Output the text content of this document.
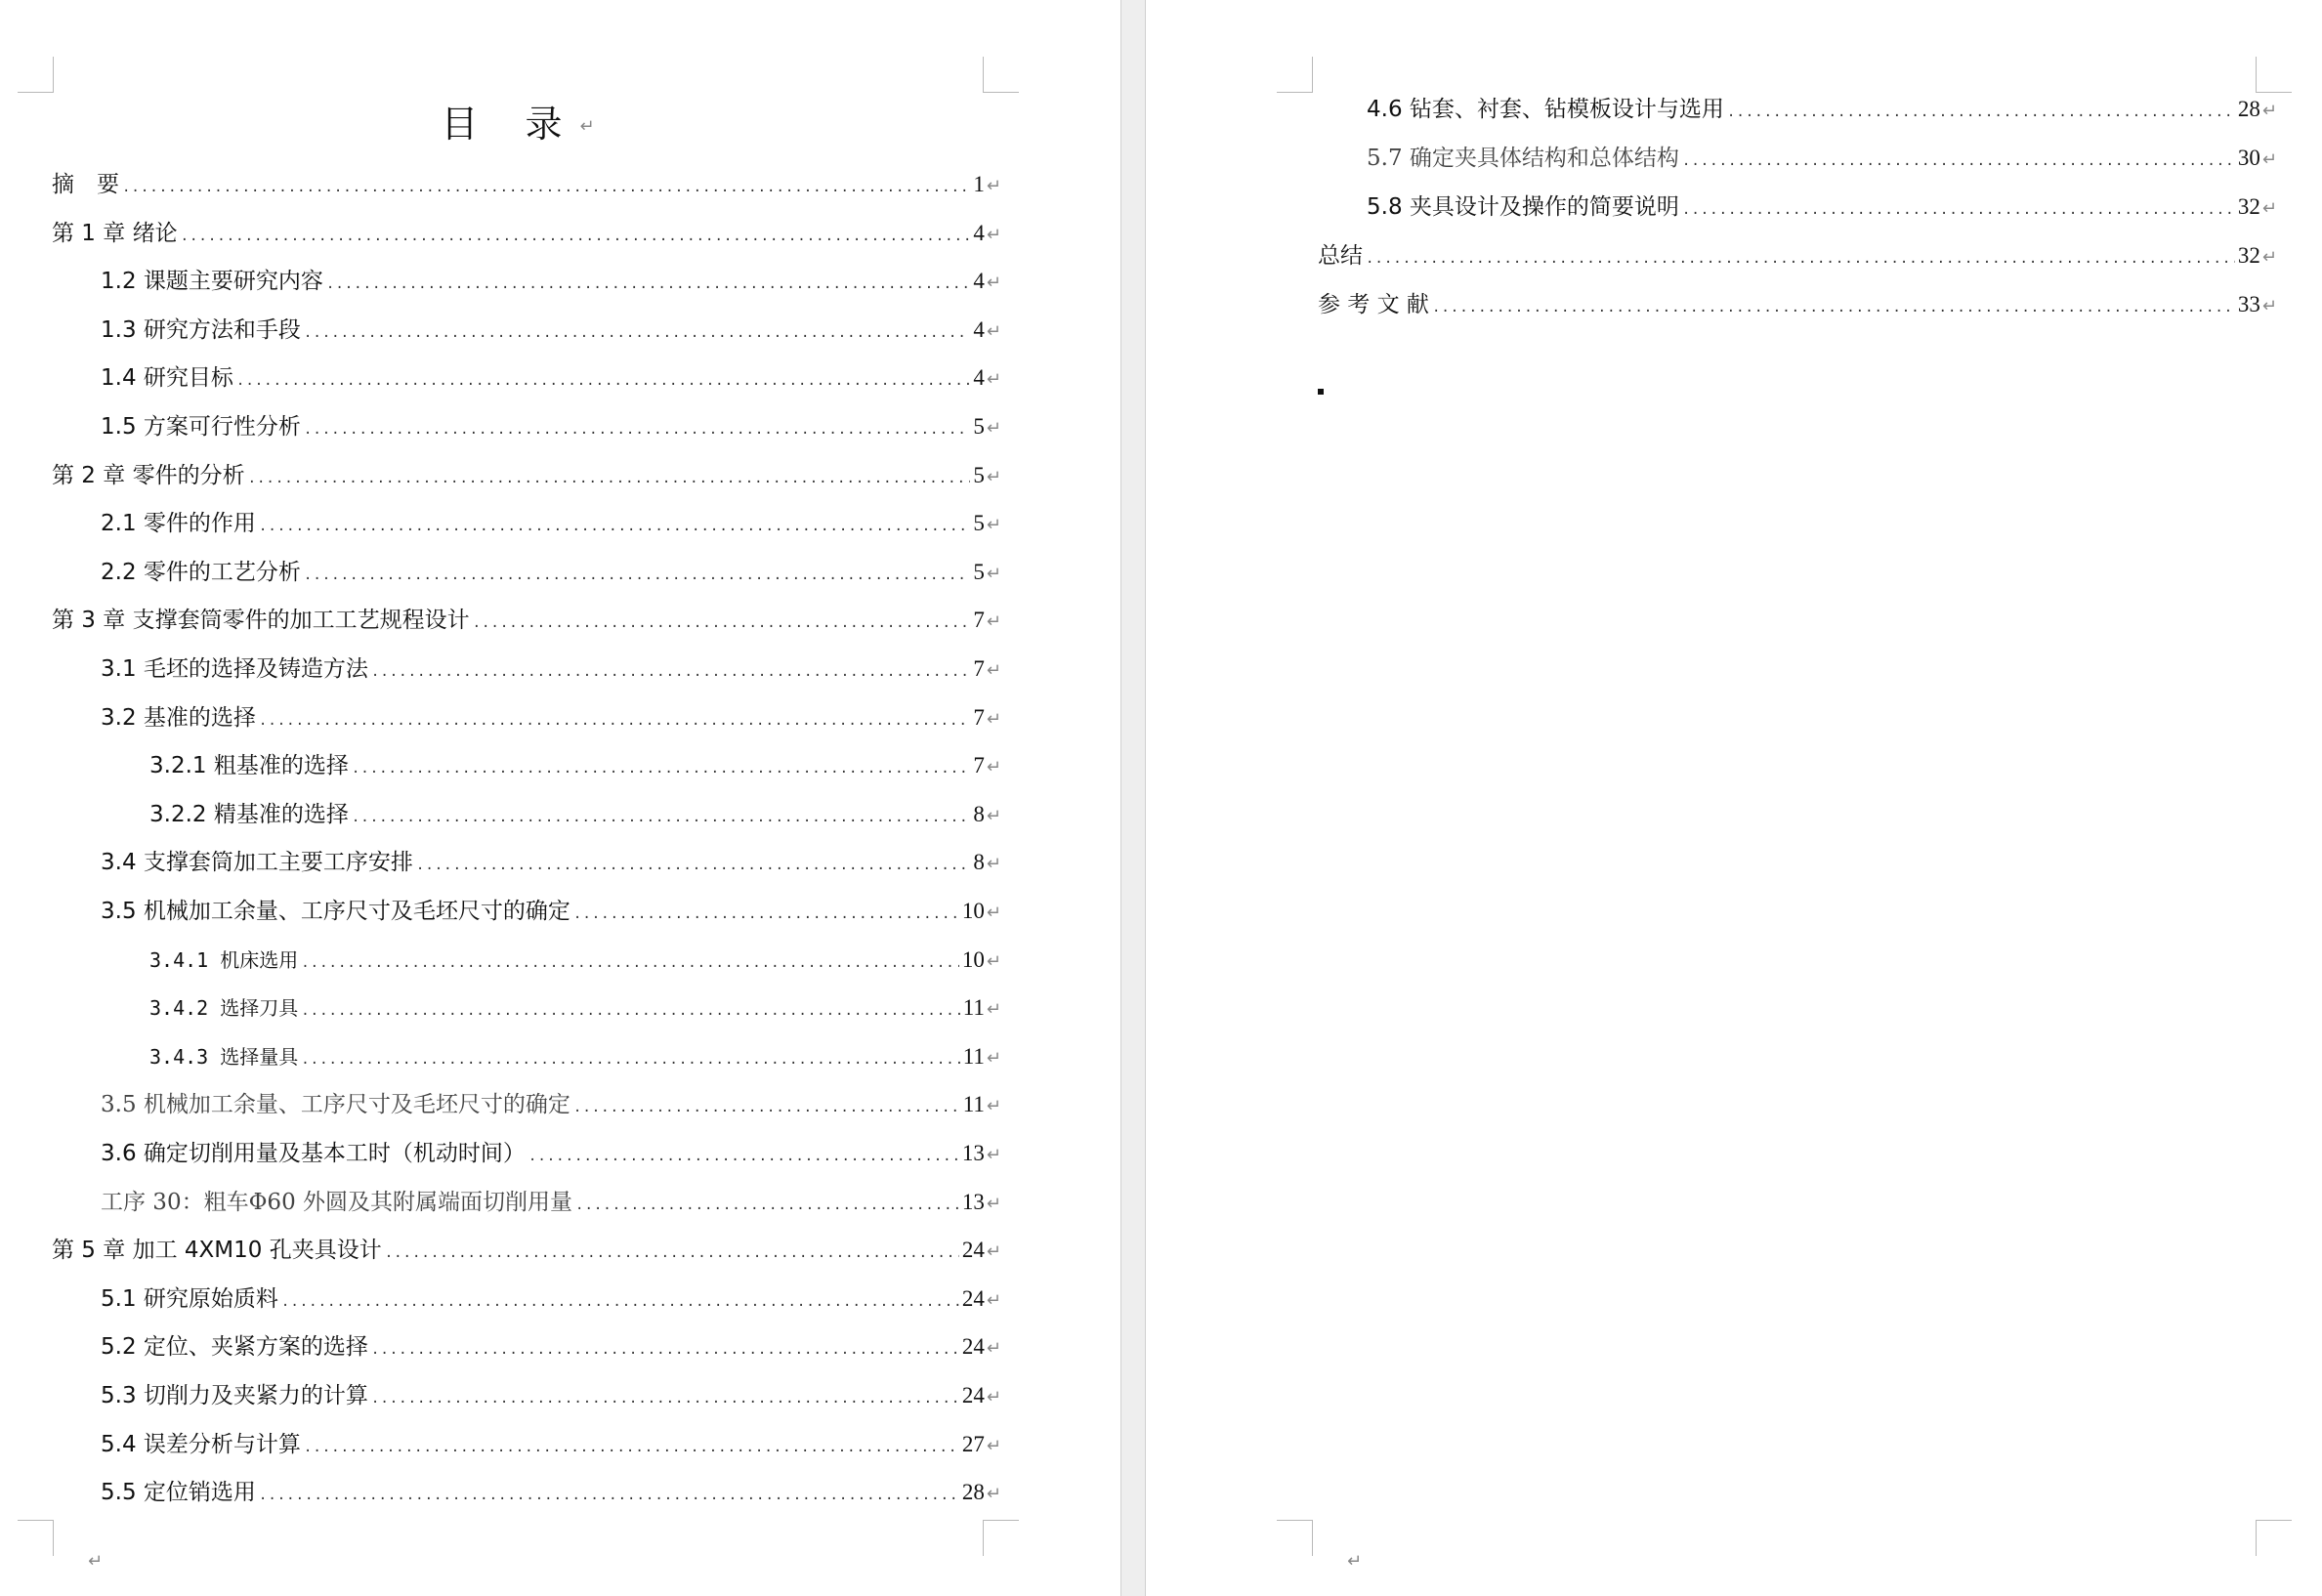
目 录↵
摘　要 .....	1 ↵
第 1 章 绪论 .....	4 ↵
1.2 课题主要研究内容 .....	4 ↵
1.3 研究方法和手段 .....	4 ↵
1.4 研究目标 .....	4 ↵
1.5 方案可行性分析 .....	5 ↵
第 2 章 零件的分析 .....	5 ↵
2.1 零件的作用 .....	5 ↵
2.2 零件的工艺分析 .....	5 ↵
第 3 章 支撑套筒零件的加工工艺规程设计 .....	7 ↵
3.1 毛坯的选择及铸造方法 .....	7 ↵
3.2 基准的选择 .....	7 ↵
3.2.1 粗基准的选择 .....	7 ↵
3.2.2 精基准的选择 .....	8 ↵
3.4 支撑套筒加工主要工序安排 .....	8 ↵
3.5 机械加工余量、工序尺寸及毛坯尺寸的确定 .....	10 ↵
3.4.1 机床选用 .....	10 ↵
3.4.2 选择刀具 .....	11 ↵
3.4.3 选择量具 .....	11 ↵
3.5 机械加工余量、工序尺寸及毛坯尺寸的确定 .....	11 ↵
3.6 确定切削用量及基本工时（机动时间） .....	13 ↵
工序 30：粗车Φ60 外圆及其附属端面切削用量 .....	13 ↵
第 5 章 加工 4XM10 孔夹具设计 .....	24 ↵
5.1 研究原始质料 .....	24 ↵
5.2 定位、夹紧方案的选择 .....	24 ↵
5.3 切削力及夹紧力的计算 .....	24 ↵
5.4 误差分析与计算 .....	27 ↵
5.5 定位销选用 .....	28 ↵
↵
4.6 钻套、衬套、钻模板设计与选用 .....	28 ↵
5.7 确定夹具体结构和总体结构 .....	30 ↵
5.8 夹具设计及操作的简要说明 .....	32 ↵
总结 .....	32 ↵
参 考 文 献 .....	33 ↵
↵
